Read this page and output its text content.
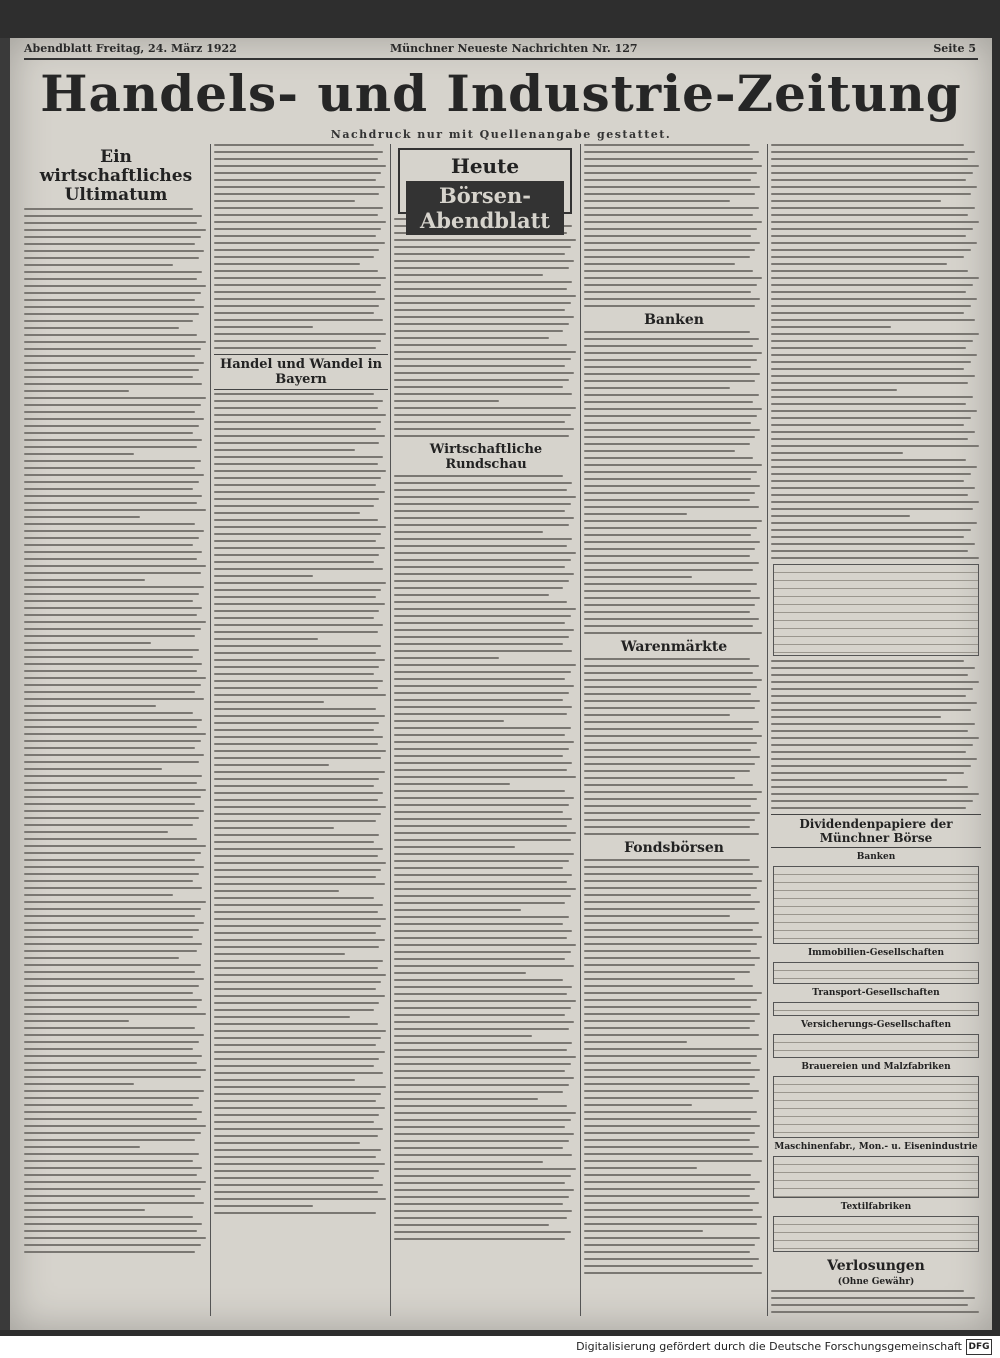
Abendblatt Freitag, 24. März 1922	Münchner Neueste Nachrichten Nr. 127	Seite 5
Handels- und Industrie-Zeitung
Nachdruck nur mit Quellenangabe gestattet.
Ein wirtschaftliches Ultimatum
Handel und Wandel in Bayern
Heute
Börsen-Abendblatt
Wirtschaftliche Rundschau
Banken
Warenmärkte
Fondsbörsen
Dividendenpapiere der Münchner Börse
Banken
Immobilien-Gesellschaften
Transport-Gesellschaften
Versicherungs-Gesellschaften
Brauereien und Malzfabriken
Maschinenfabr., Mon.- u. Eisenindustrie
Textilfabriken
Verlosungen
(Ohne Gewähr)
Digitalisierung gefördert durch die Deutsche Forschungsgemeinschaft DFG
